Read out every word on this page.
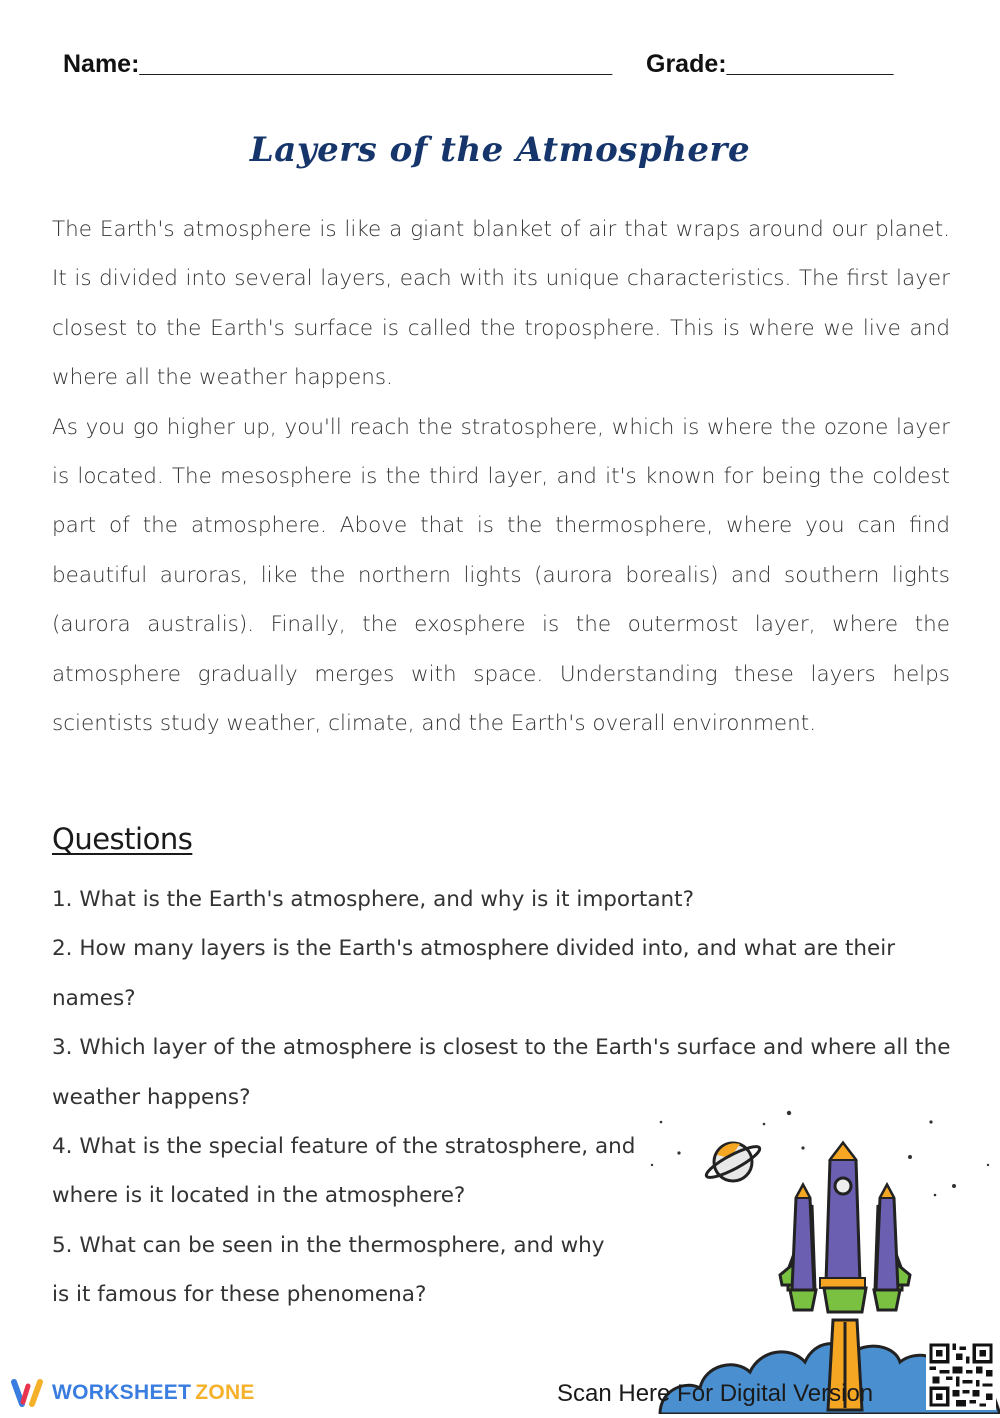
Name:__________________________________ Grade:____________
Layers of the Atmosphere

The Earth's atmosphere is like a giant blanket of air that wraps around our planet. It is divided into several layers, each with its unique characteristics. The first layer closest to the Earth's surface is called the troposphere. This is where we live and where all the weather happens.

As you go higher up, you'll reach the stratosphere, which is where the ozone layer is located. The mesosphere is the third layer, and it's known for being the coldest part of the atmosphere. Above that is the thermosphere, where you can find beautiful auroras, like the northern lights (aurora borealis) and southern lights (aurora australis). Finally, the exosphere is the outermost layer, where the atmosphere gradually merges with space. Understanding these layers helps scientists study weather, climate, and the Earth's overall environment.

Questions

1. What is the Earth's atmosphere, and why is it important?

2. How many layers is the Earth's atmosphere divided into, and what are their names?

3. Which layer of the atmosphere is closest to the Earth's surface and where all the weather happens?

4. What is the special feature of the stratosphere, and where is it located in the atmosphere?

5. What can be seen in the thermosphere, and why is it famous for these phenomena?

WORKSHEET ZONE	Scan Here For Digital Version
